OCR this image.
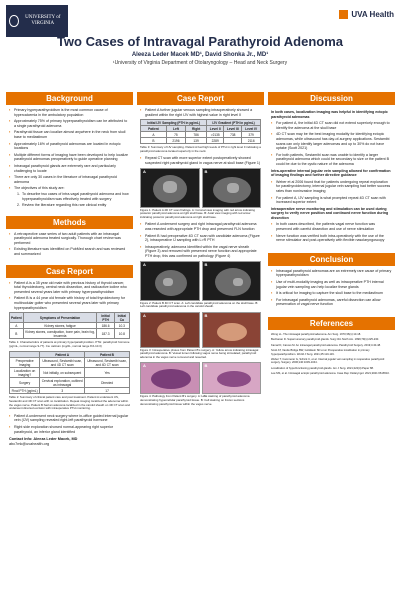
UNIVERSITY of VIRGINIA
UVA Health
Two Cases of Intravagal Parathyroid Adenoma
Aleeza Leder Macek MD¹, David Shonka Jr., MD¹
¹University of Virginia Department of Otolaryngology – Head and Neck Surgery
Background
▪ Primary hyperparathyroidism is the most common cause of hypercalcemia in the ambulatory population
▪ Approximately 75% of primary hyperparathyroidism can be attributed to a single parathyroid adenoma
▪ Parathyroid tissue can localize almost anywhere in the neck from skull base to mediastinum
▪ Approximately 16% of parathyroid adenomas are located in ectopic locations
▪ Multiple different forms of imaging have been developed to help localize parathyroid adenomas preoperatively to guide operative planning
▪ Intravagal parathyroid glands are extremely rare and particularly challenging to locate
▪ There are only 30 cases in the literature of intravagal parathyroid adenoma
▪ The objectives of this study are:
1. To describe two cases of intra-vagal parathyroid adenoma and how hyperparathyroidism was effectively treated with surgery
2. Review the literature regarding this rare clinical entity
Methods
▪ A retrospective case series of two adult patients with an intravagal parathyroid adenoma treated surgically. Thorough chart review was performed
▪ Existing literature was identified on PubMed search and was reviewed and summarized
Case Report
▪ Patient A is a 35 year old male with previous history of thyroid cancer, total thyroidectomy, central neck dissection, and radioactive iodine who presented several years later with primary hyperparathyroidism
▪ Patient B is a 44 year old female with history of total thyroidectomy for multinodular goiter who presented several years later with primary hyperparathyroidism
Patient	Symptoms of Presentation	Initial PTH	Initial Ca
A	Kidney stones, fatigue	186.6	10.3
B	Kidney stones, constipation, bone pain, brain fog, insomnia	187.3	10.8
Table 1: Characteristics of patients at primary hyperparathyroidism. PTH: parathyroid hormone (pg/mL, normal range 9-77). Ca: calcium (mg/dL, normal range 8.6-10.3)
	Patient A	Patient B
Preoperative Imaging	Ultrasound, Sestamibi scan, and 4D CT scan	Ultrasound, Sestamibi scan, and 4D CT scan
Localization on imaging?	Not initially, on subsequent	Yes
Surgery	Cervical exploration, outlined as intravagal	Directed
Final PTH (pg/mL)	3	17
Table 2: Summary of clinical patient care and post treatment. Patient A underwent US, Sestamibi and 4D CT scan with no localization. Repeat imaging localized the adenoma within the vagus nerve. Patient B had an adenoma localized in the carotid sheath on 4D CT scan and underwent directed excision with intraoperative PTH monitoring.
▪ Patient A underwent neck surgery where in-office guided internal jugular vein (IJV) sampling revealed right-left parathyroid hormone
▪ Right side exploration showed normal-appearing right superior parathyroid, an inferior gland identified
Contact Info: Aleeza Leder Macek, MD
abc7mk@uvahealth.org
Case Report
▪ Patient A further jugular venous sampling intraoperatively showed a gradient within the right IJV with highest value in right level II
Initial IJV Sampling (PTH in pg/mL)			IJV Gradient (PTH in pg/mL)		
Patient	Left	Right	Level II	Level III	Level IV
A	75	786	>2135	738	379
B	2196	139	2289		2116
Table 3: Summary of IJV sampling. Patient A had high levels of PTH in right level II indicating a parathyroid adenoma located superiorly in the neck.
▪ Repeat CT scan with more superior extent postoperatively showed suspected right parathyroid gland in vagus nerve at skull base (Figure 1)
A	B
Figure 1: Patient A 4D CT scan findings. A: Coronal view imaging with red arrow indicating posterior parathyroid adenoma at right skull base. B: Axial view imaging with red arrow indicating posterior parathyroid adenoma at right skull base.
▪ Patient A underwent surgery and right intravagal parathyroid adenoma was resected with appropriate PTH drop and preserved FLN function
▪ Patient B had preoperative 4D CT scan with candidate adenoma (Figure 2), intraoperative IJ sampling with L>R PTH
▪ Intraoperatively, adenoma identified within the vagal nerve sheath (Figure 3) and removed with preserved nerve function and appropriate PTH drop, this was confirmed on pathology (Figure 4)
A	B
Figure 2: Patient B 4D CT scan. A: Left candidate parathyroid adenoma on the skull base. B: Left candidate parathyroid adenoma in the carotid sheath.
A	B
Figure 3: Intraoperative photos from Patient B's surgery. A: Yellow arrow indicating intravagal parathyroid adenoma. B: Vessel lumen following vagus nerve being stimulated; parathyroid adenoma in the vagus nerve removed and resected.
A	B
Figure 4: Pathology from Patient B's surgery. A: H&E staining of parathyroid adenoma demonstrating hypercellular parathyroid tissue. B: Cell staining on frozen sections demonstrating parathyroid tissue within the vagus nerve.
Discussion
In both cases, localization imaging was helpful in identifying ectopic parathyroid adenomas
▪ For patient A, the initial 4D CT scan did not extend superiorly enough to identify the adenoma at the skull base
▪ 4D CT scan may be the best imaging modality for identifying ectopic adenomas, while ultrasound has day-of-surgery applications. Sestamibi scans can only identify larger adenomas and up to 30% do not have uptake (Scott 2021)
▪ For both patients, Sestamibi scan was unable to identify a larger parathyroid adenoma which could be secondary to size or the patient B could be due to the cystic nature of the adenoma
Intra-operative internal jugular vein sampling allowed for confirmation of imaging findings and further directive guidance
▪ Weber et al 2006 found that for patients undergoing repeat exploration for parathyroidectomy, internal jugular vein sampling had better success rates than noninvasive imaging
▪ For patient A, IJV sampling is what prompted repeat 4D CT scan with increased superior extent
Intraoperative nerve monitoring and stimulation can be used during surgery to verify nerve position and continued nerve function during dissection
▪ In both cases described, the patients vagal nerve function was preserved with careful dissection and use of nerve stimulation
▪ Nerve function was verified both intra-operatively with the use of the nerve stimulator and post-operatively with flexible nasolaryngoscopy
Conclusion
▪ Intravagal parathyroid adenomas are an extremely rare cause of primary hyperparathyroidism
▪ Use of multi-modality imaging as well as intraoperative PTH internal jugular vein sampling can help localize these glands
▪ It is critical for imaging to capture the skull base to the mediastinum
▪ For intravagal parathyroid adenomas, careful dissection can allow preservation of vagal nerve function
References

Wong LL. The intravagal parathyroid adenoma. Am Surg. 1970;36(1):13-18.

Buchanan D. Supernumerary parathyroid glands. Surg Clin North Am. 1999;79(1):225-230.

Kamal D, Caruso M. An intravagal parathyroid adenoma. Parathyroid Surgery. 2019;4:40-48.

Scott AT, Vande Bridge BW, Goldstein SD et al. Preoperative localization in primary hyperparathyroidism. World J Surg. 2021;45:110-119.

Weber T, Cammerer G, Schick C, et al. Internal jugular vein sampling in reoperative parathyroid surgery. Surgery. 2006;140:1039-1044.

Localization of hyperfunctioning parathyroid glands. Am J Surg. 2021;222(4):Paper 88.

Lee MS, et al. Intravagal ectopic parathyroid adenoma. Case Rep Otolaryngol. 2021;2021:6616510.
